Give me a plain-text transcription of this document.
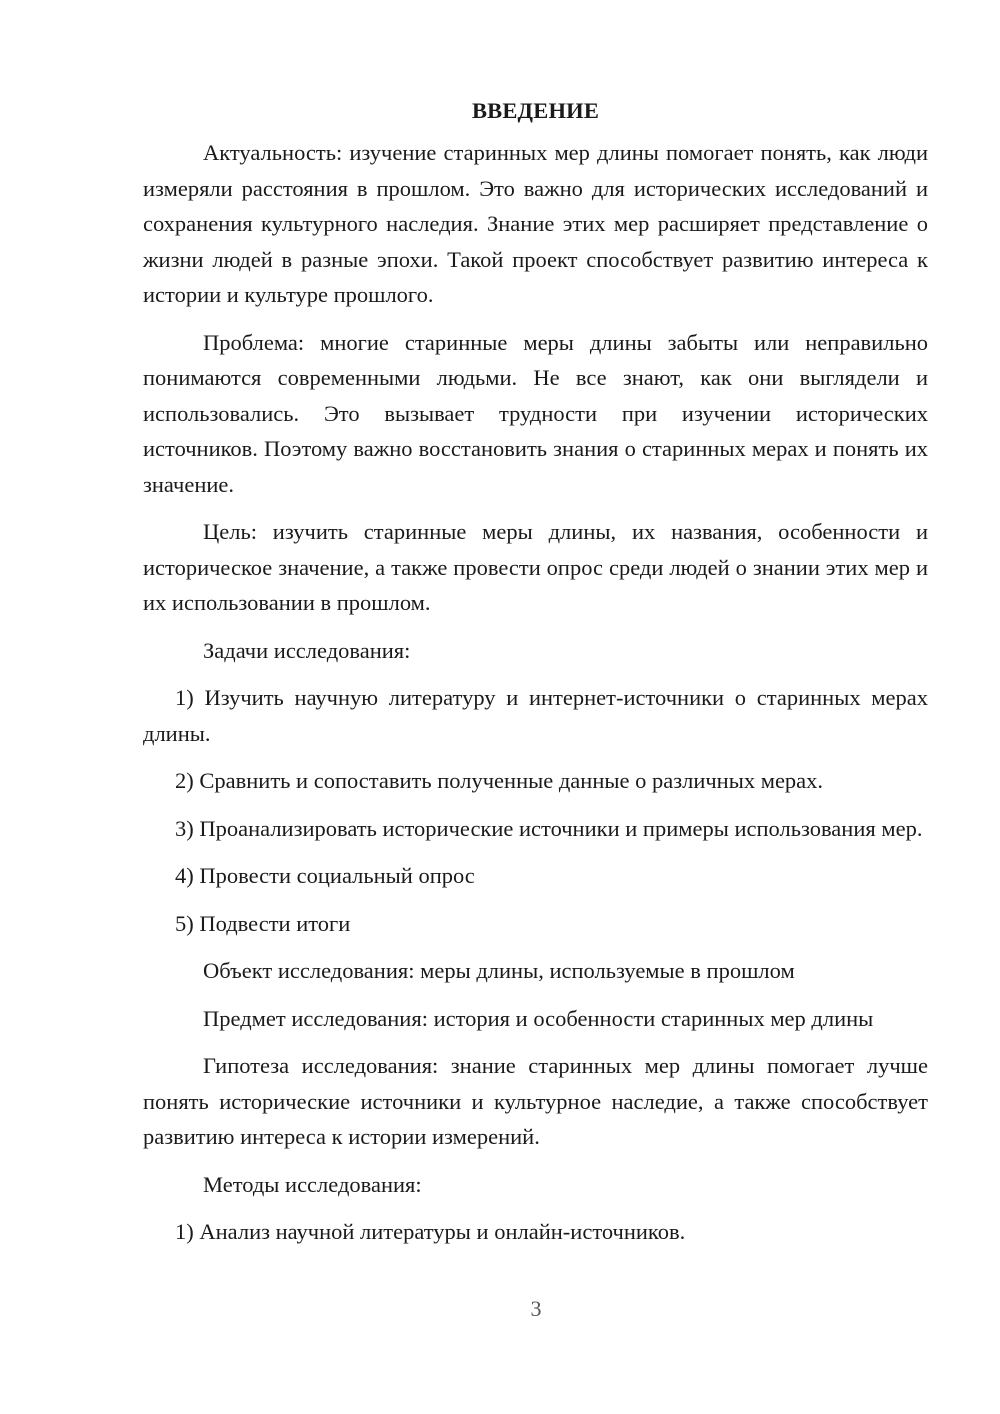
ВВЕДЕНИЕ

Актуальность: изучение старинных мер длины помогает понять, как люди измеряли расстояния в прошлом. Это важно для исторических исследований и сохранения культурного наследия. Знание этих мер расширяет представление о жизни людей в разные эпохи. Такой проект способствует развитию интереса к истории и культуре прошлого.

Проблема: многие старинные меры длины забыты или неправильно понимаются современными людьми. Не все знают, как они выглядели и использовались. Это вызывает трудности при изучении исторических источников. Поэтому важно восстановить знания о старинных мерах и понять их значение.

Цель: изучить старинные меры длины, их названия, особенности и историческое значение, а также провести опрос среди людей о знании этих мер и их использовании в прошлом.

Задачи исследования:

1) Изучить научную литературу и интернет-источники о старинных мерах длины.

2) Сравнить и сопоставить полученные данные о различных мерах.

3) Проанализировать исторические источники и примеры использования мер.

4) Провести социальный опрос

5) Подвести итоги

Объект исследования: меры длины, используемые в прошлом

Предмет исследования: история и особенности старинных мер длины

Гипотеза исследования: знание старинных мер длины помогает лучше понять исторические источники и культурное наследие, а также способствует развитию интереса к истории измерений.

Методы исследования:

1) Анализ научной литературы и онлайн-источников.

3
